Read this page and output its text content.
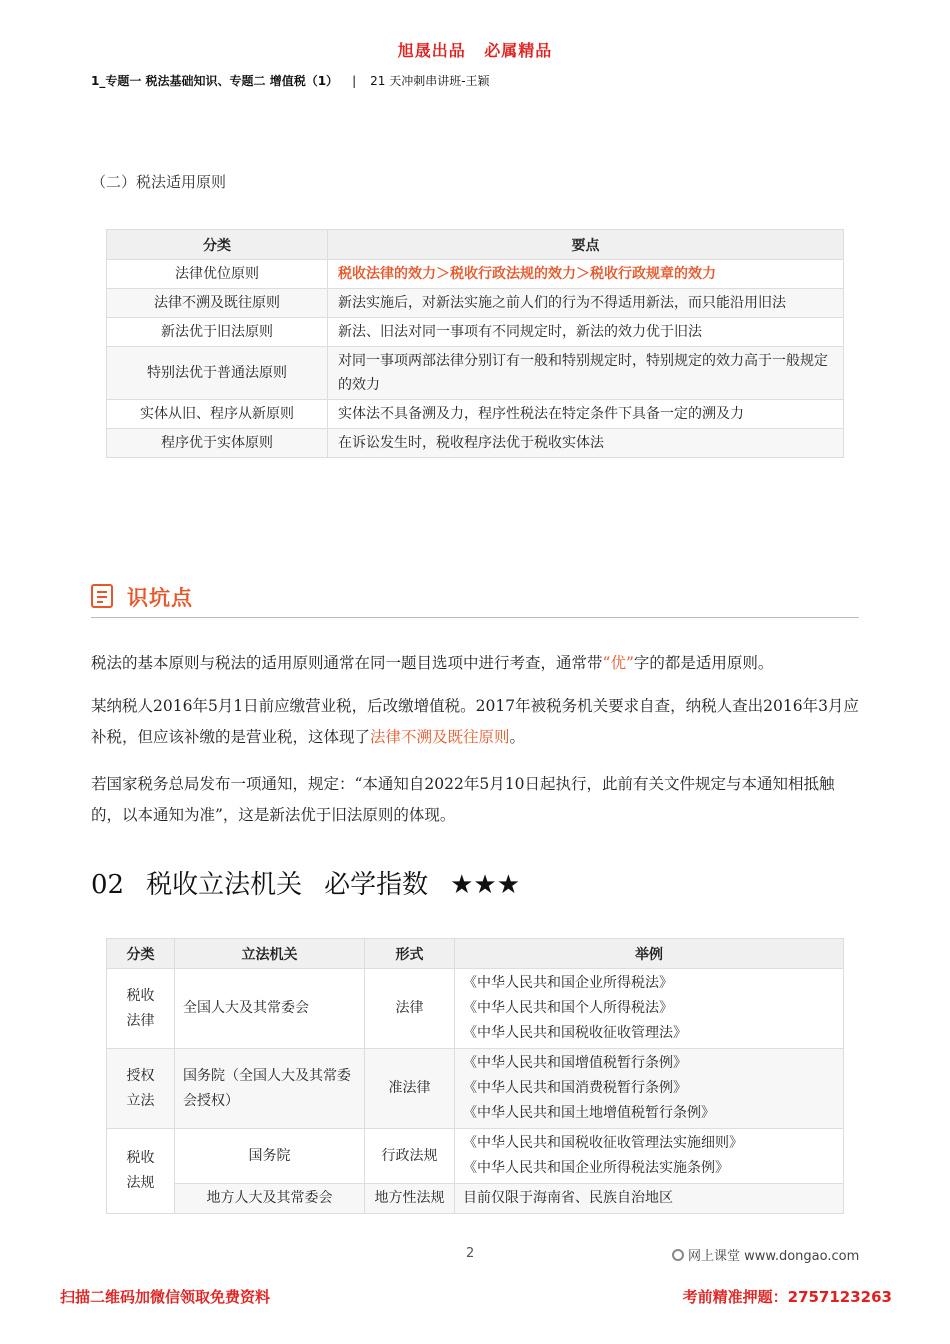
旭晟出品 必属精品
1_专题一 税法基础知识、专题二 增值税（1） | 21 天冲刺串讲班-王颖
（二）税法适用原则
分类	要点
法律优位原则	税收法律的效力＞税收行政法规的效力＞税收行政规章的效力
法律不溯及既往原则	新法实施后，对新法实施之前人们的行为不得适用新法，而只能沿用旧法
新法优于旧法原则	新法、旧法对同一事项有不同规定时，新法的效力优于旧法
特别法优于普通法原则	对同一事项两部法律分别订有一般和特别规定时，特别规定的效力高于一般规定的效力
实体从旧、程序从新原则	实体法不具备溯及力，程序性税法在特定条件下具备一定的溯及力
程序优于实体原则	在诉讼发生时，税收程序法优于税收实体法
识坑点
税法的基本原则与税法的适用原则通常在同一题目选项中进行考查，通常带“优”字的都是适用原则。
某纳税人2016年5月1日前应缴营业税，后改缴增值税。2017年被税务机关要求自查，纳税人查出2016年3月应补税，但应该补缴的是营业税，这体现了法律不溯及既往原则。
若国家税务总局发布一项通知，规定：“本通知自2022年5月10日起执行，此前有关文件规定与本通知相抵触的，以本通知为准”，这是新法优于旧法原则的体现。
02 税收立法机关 必学指数 ★★★
分类	立法机关	形式	举例

税收法律	全国人大及其常委会	法律	《中华人民共和国企业所得税法》
《中华人民共和国个人所得税法》
《中华人民共和国税收征收管理法》

授权立法	国务院（全国人大及其常委会授权）	准法律	《中华人民共和国增值税暂行条例》
《中华人民共和国消费税暂行条例》
《中华人民共和国土地增值税暂行条例》

税收法规	国务院	行政法规	《中华人民共和国税收征收管理法实施细则》
《中华人民共和国企业所得税法实施条例》

	地方人大及其常委会	地方性法规	目前仅限于海南省、民族自治地区
2	网上课堂 www.dongao.com
扫描二维码加微信领取免费资料	考前精准押题：2757123263
